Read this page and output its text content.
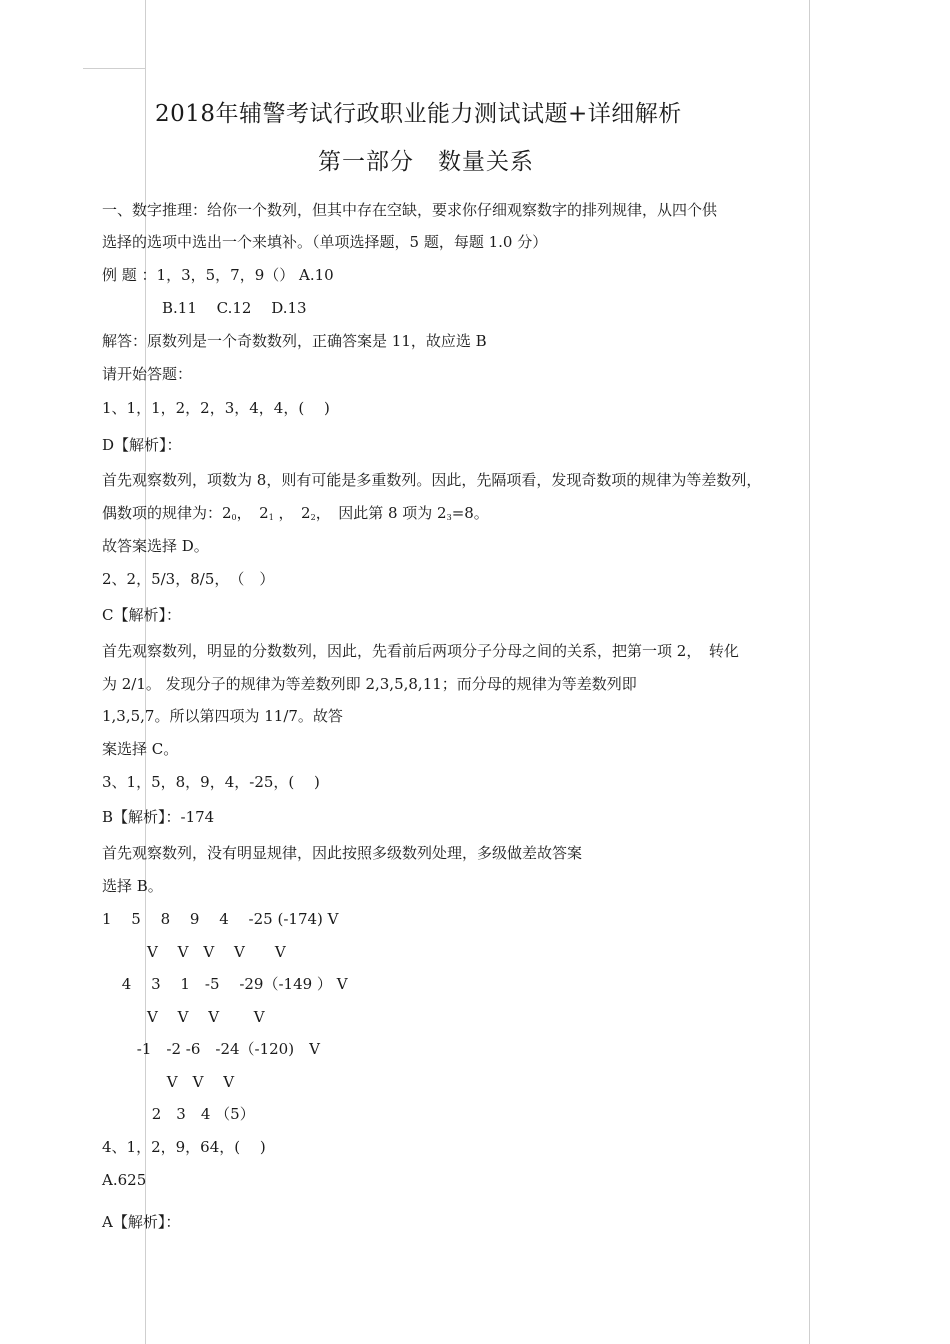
2018年辅警考试行政职业能力测试试题+详细解析
第一部分　数量关系
一、数字推理：给你一个数列，但其中存在空缺，要求你仔细观察数字的排列规律，从四个供
选择的选项中选出一个来填补。（单项选择题，5 题，每题 1.0 分）
例 题 ：1，3，5，7，9（） A.10
　　　　B.11　 C.12　 D.13
解答：原数列是一个奇数数列，正确答案是 11，故应选 B
请开始答题：
1、1，1，2，2，3，4，4，(　 )
D【解析】：
首先观察数列，项数为 8，则有可能是多重数列。因此，先隔项看，发现奇数项的规律为等差数列，
偶数项的规律为：$2_0$，　$2_1$ ，　$2_2$，　因此第 8 项为 $2_3=8$。
故答案选择 D。
2、2，5/3，8/5，　（　）
C【解析】：
首先观察数列，明显的分数数列，因此，先看前后两项分子分母之间的关系，把第一项 2，　转化
为 2/1。 发现分子的规律为等差数列即 2,3,5,8,11；而分母的规律为等差数列即
1,3,5,7。所以第四项为 11/7。故答
案选择 C。
3、1，5，8，9，4，-25，(　 )
B【解析】：-174
首先观察数列，没有明显规律，因此按照多级数列处理，多级做差故答案
选择 B。
1　 5　 8　 9　 4　 -25 (-174) V
　　　V　 V　V　 V　　V
　 4　 3　 1　-5　 -29（-149 ） V
　　　V　 V　 V　　 V
　　 -1　-2 -6　-24（-120)　V
　　　　 V　V　 V
　　　 2　3　4 （5）
4、1，2，9，64，(　 )
A.625
A【解析】：
